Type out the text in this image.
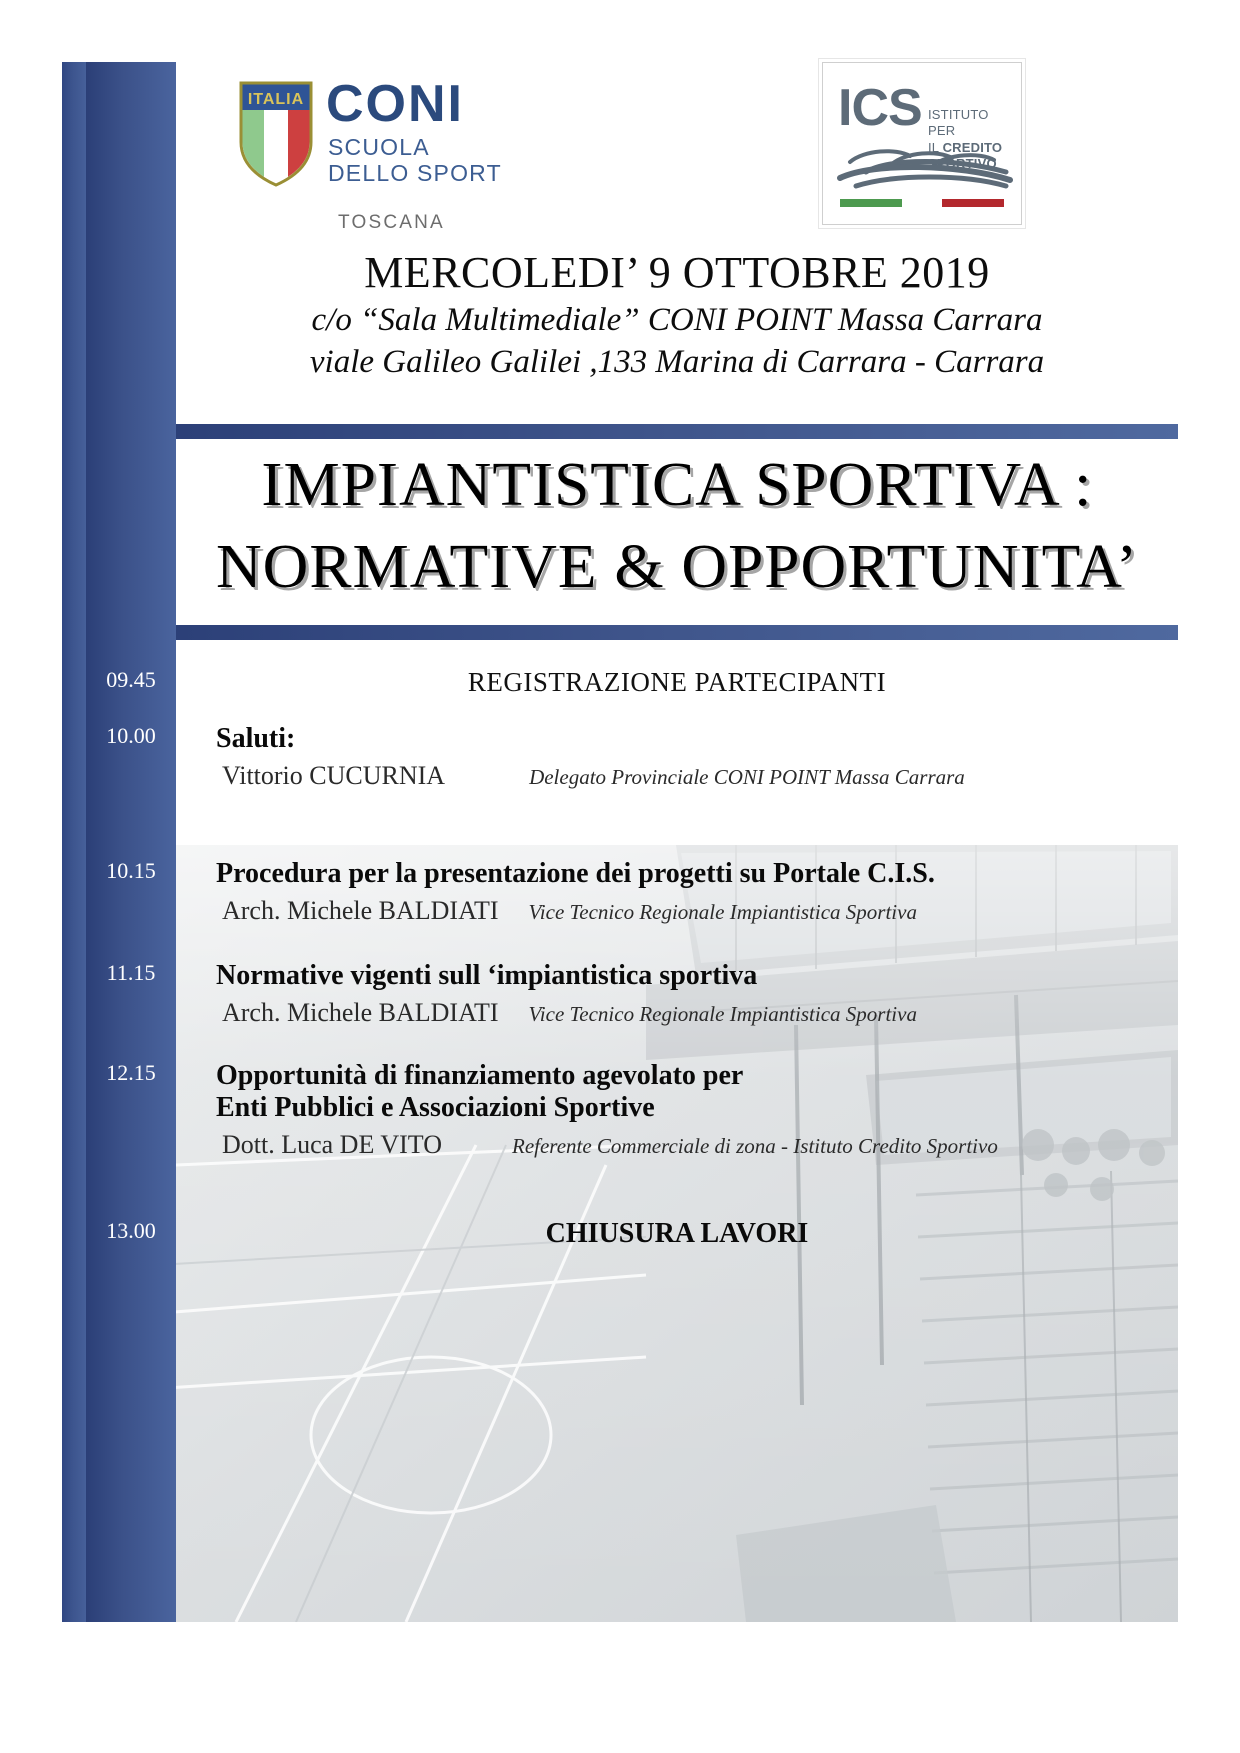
ITALIA CONI
SCUOLA
DELLO SPORT
TOSCANA
ICS ISTITUTO PER
IL CREDITO
SPORTIVO
MERCOLEDI’ 9 OTTOBRE 2019
c/o “Sala Multimediale” CONI POINT Massa Carrara
viale Galileo Galilei ,133 Marina di Carrara - Carrara
IMPIANTISTICA SPORTIVA :
NORMATIVE & OPPORTUNITA’
09.45	REGISTRAZIONE PARTECIPANTI
10.00	Saluti:
Vittorio CUCURNIA	Delegato Provinciale CONI POINT Massa Carrara
10.15	Procedura per la presentazione dei progetti su Portale C.I.S.
Arch. Michele BALDIATI Vice Tecnico Regionale Impiantistica Sportiva
11.15	Normative vigenti sull ‘impiantistica sportiva
Arch. Michele BALDIATI Vice Tecnico Regionale Impiantistica Sportiva
12.15	Opportunità di finanziamento agevolato per
Enti Pubblici e Associazioni Sportive
Dott. Luca DE VITO	Referente Commerciale di zona - Istituto Credito Sportivo
13.00	CHIUSURA LAVORI
